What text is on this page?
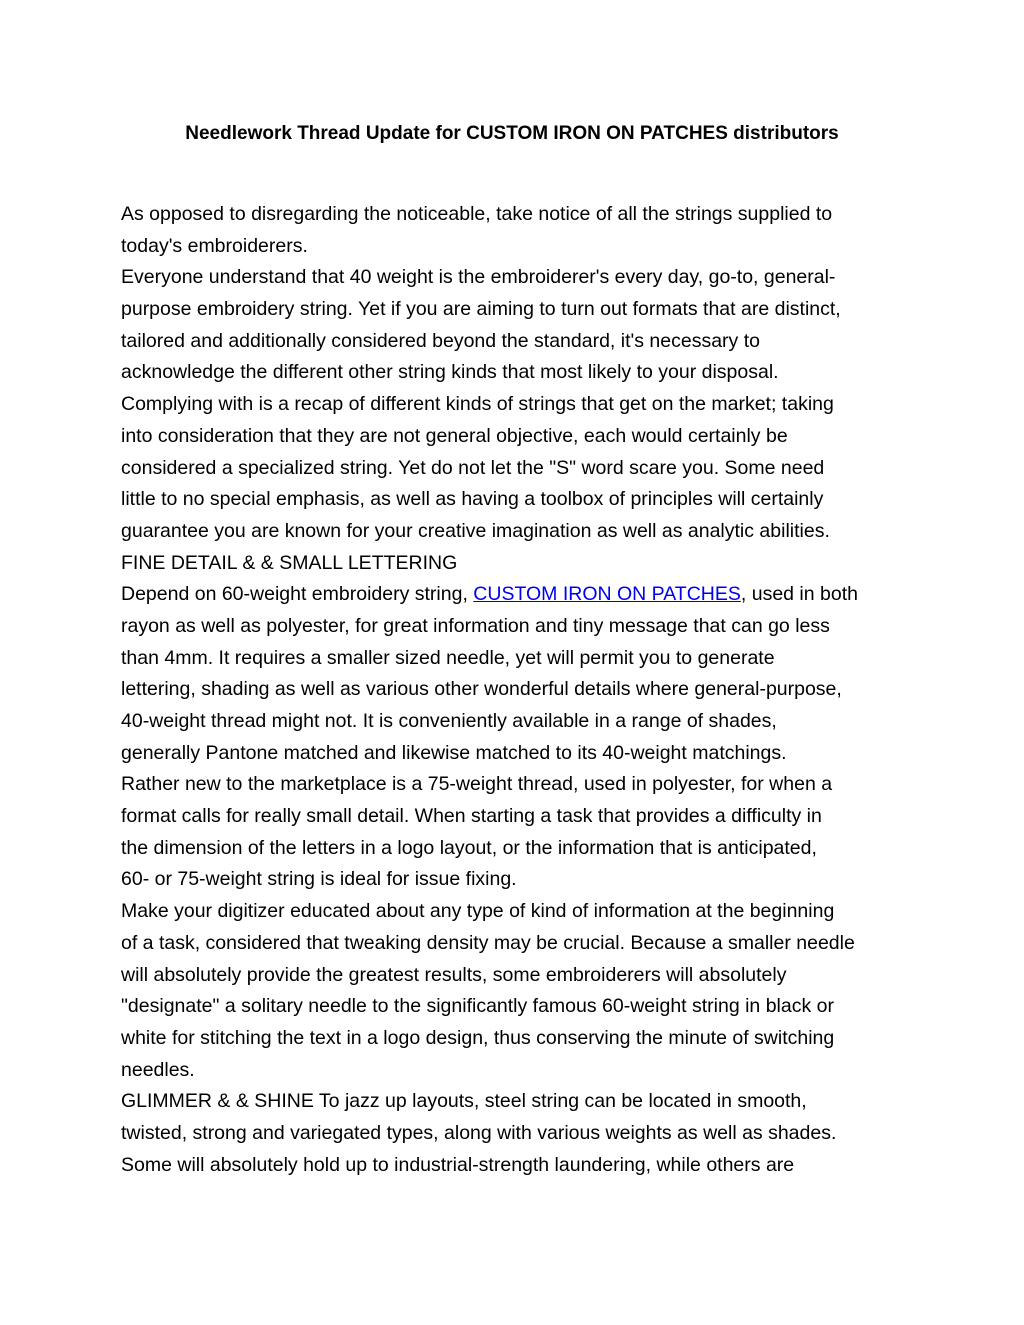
Needlework Thread Update for CUSTOM IRON ON PATCHES distributors
As opposed to disregarding the noticeable, take notice of all the strings supplied to
today's embroiderers.
Everyone understand that 40 weight is the embroiderer's every day, go-to, general-
purpose embroidery string. Yet if you are aiming to turn out formats that are distinct,
tailored and additionally considered beyond the standard, it's necessary to
acknowledge the different other string kinds that most likely to your disposal.
Complying with is a recap of different kinds of strings that get on the market; taking
into consideration that they are not general objective, each would certainly be
considered a specialized string. Yet do not let the "S" word scare you. Some need
little to no special emphasis, as well as having a toolbox of principles will certainly
guarantee you are known for your creative imagination as well as analytic abilities.
FINE DETAIL & & SMALL LETTERING
Depend on 60-weight embroidery string, CUSTOM IRON ON PATCHES, used in both
rayon as well as polyester, for great information and tiny message that can go less
than 4mm. It requires a smaller sized needle, yet will permit you to generate
lettering, shading as well as various other wonderful details where general-purpose,
40-weight thread might not. It is conveniently available in a range of shades,
generally Pantone matched and likewise matched to its 40-weight matchings.
Rather new to the marketplace is a 75-weight thread, used in polyester, for when a
format calls for really small detail. When starting a task that provides a difficulty in
the dimension of the letters in a logo layout, or the information that is anticipated,
60- or 75-weight string is ideal for issue fixing.
Make your digitizer educated about any type of kind of information at the beginning
of a task, considered that tweaking density may be crucial. Because a smaller needle
will absolutely provide the greatest results, some embroiderers will absolutely
"designate" a solitary needle to the significantly famous 60-weight string in black or
white for stitching the text in a logo design, thus conserving the minute of switching
needles.
GLIMMER & & SHINE To jazz up layouts, steel string can be located in smooth,
twisted, strong and variegated types, along with various weights as well as shades.
Some will absolutely hold up to industrial-strength laundering, while others are
